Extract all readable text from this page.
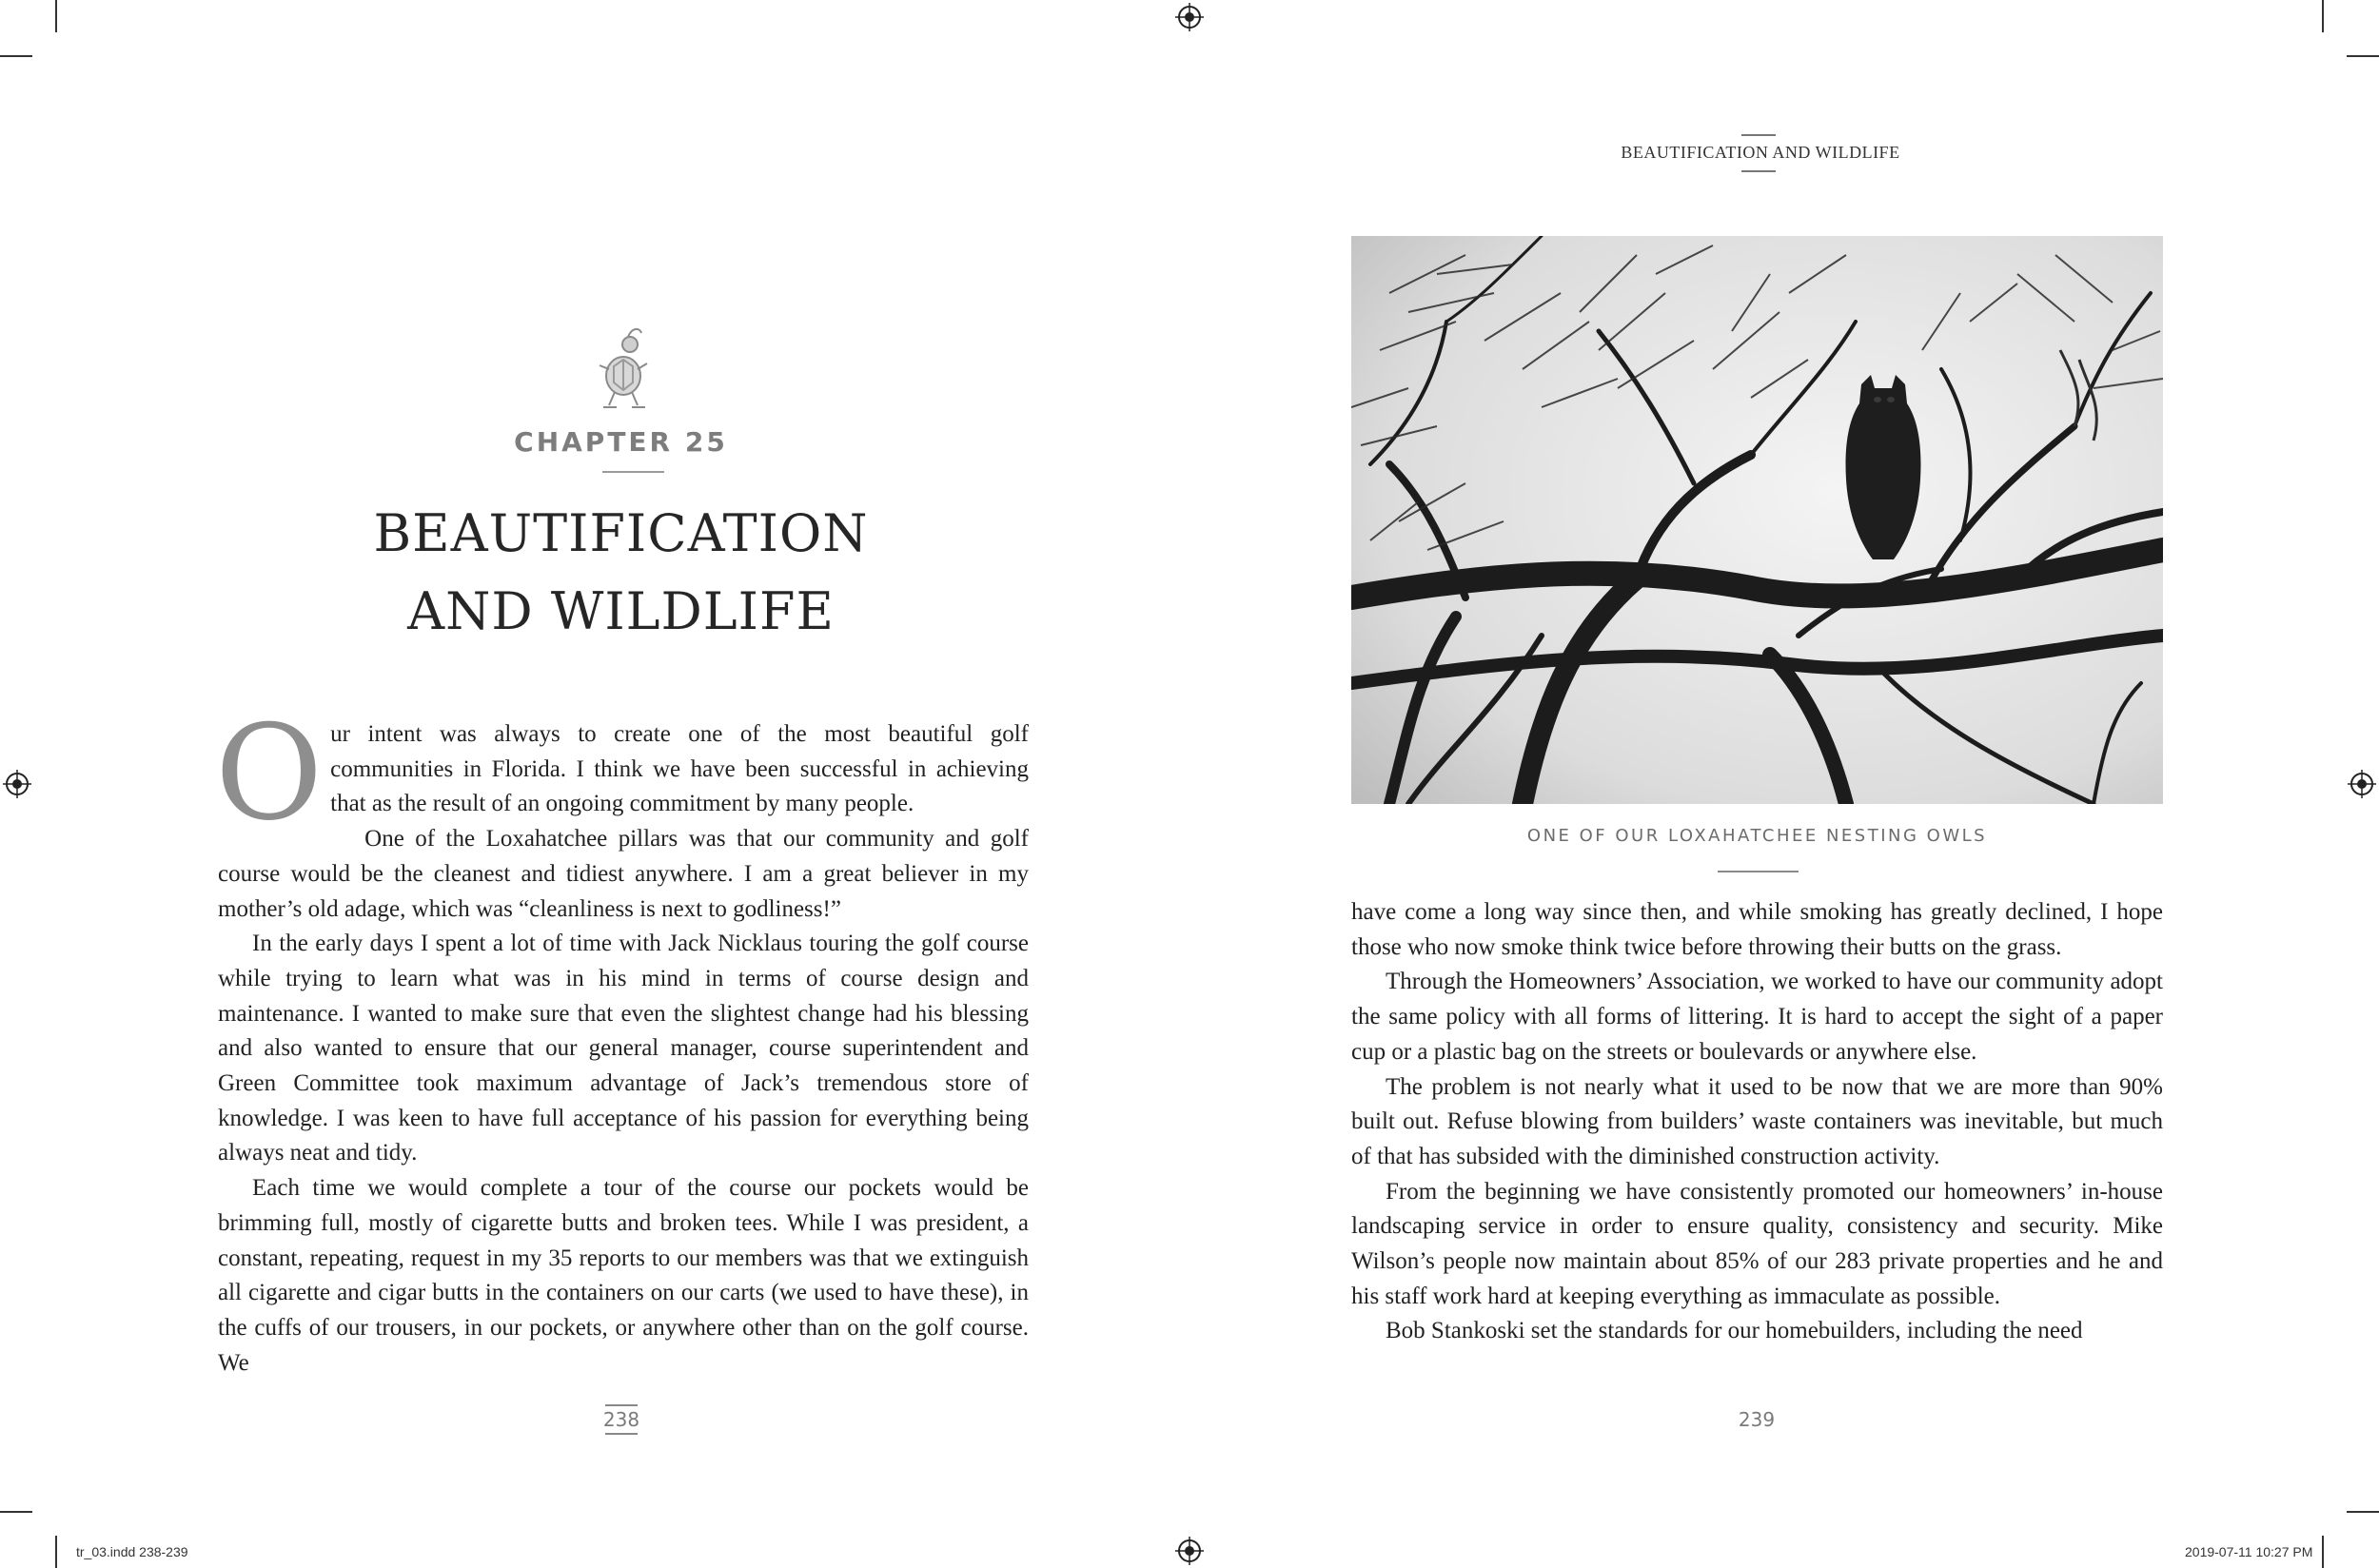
BEAUTIFICATION AND WILDLIFE
CHAPTER 25
BEAUTIFICATION
AND WILDLIFE

Our intent was always to create one of the most beautiful golf communities in Florida. I think we have been successful in achieving that as the result of an ongoing commitment by many people.

One of the Loxahatchee pillars was that our community and golf course would be the cleanest and tidiest anywhere. I am a great believer in my mother’s old adage, which was “cleanliness is next to godliness!”

In the early days I spent a lot of time with Jack Nicklaus touring the golf course while trying to learn what was in his mind in terms of course design and maintenance. I wanted to make sure that even the slightest change had his blessing and also wanted to ensure that our general manager, course superintendent and Green Committee took maximum advantage of Jack’s tremendous store of knowledge. I was keen to have full acceptance of his passion for everything being always neat and tidy.

Each time we would complete a tour of the course our pockets would be brimming full, mostly of cigarette butts and broken tees. While I was president, a constant, repeating, request in my 35 reports to our members was that we extinguish all cigarette and cigar butts in the containers on our carts (we used to have these), in the cuffs of our trousers, in our pockets, or anywhere other than on the golf course. We

ONE OF OUR LOXAHATCHEE NESTING OWLS

have come a long way since then, and while smoking has greatly declined, I hope those who now smoke think twice before throwing their butts on the grass.

Through the Homeowners’ Association, we worked to have our community adopt the same policy with all forms of littering. It is hard to accept the sight of a paper cup or a plastic bag on the streets or boulevards or anywhere else.

The problem is not nearly what it used to be now that we are more than 90% built out. Refuse blowing from builders’ waste containers was inevitable, but much of that has subsided with the diminished construction activity.

From the beginning we have consistently promoted our homeowners’ in-house landscaping service in order to ensure quality, consistency and security. Mike Wilson’s people now maintain about 85% of our 283 private properties and he and his staff work hard at keeping everything as immaculate as possible.

Bob Stankoski set the standards for our homebuilders, including the need

238	239
tr_03.indd 238-239	2019-07-11 10:27 PM
